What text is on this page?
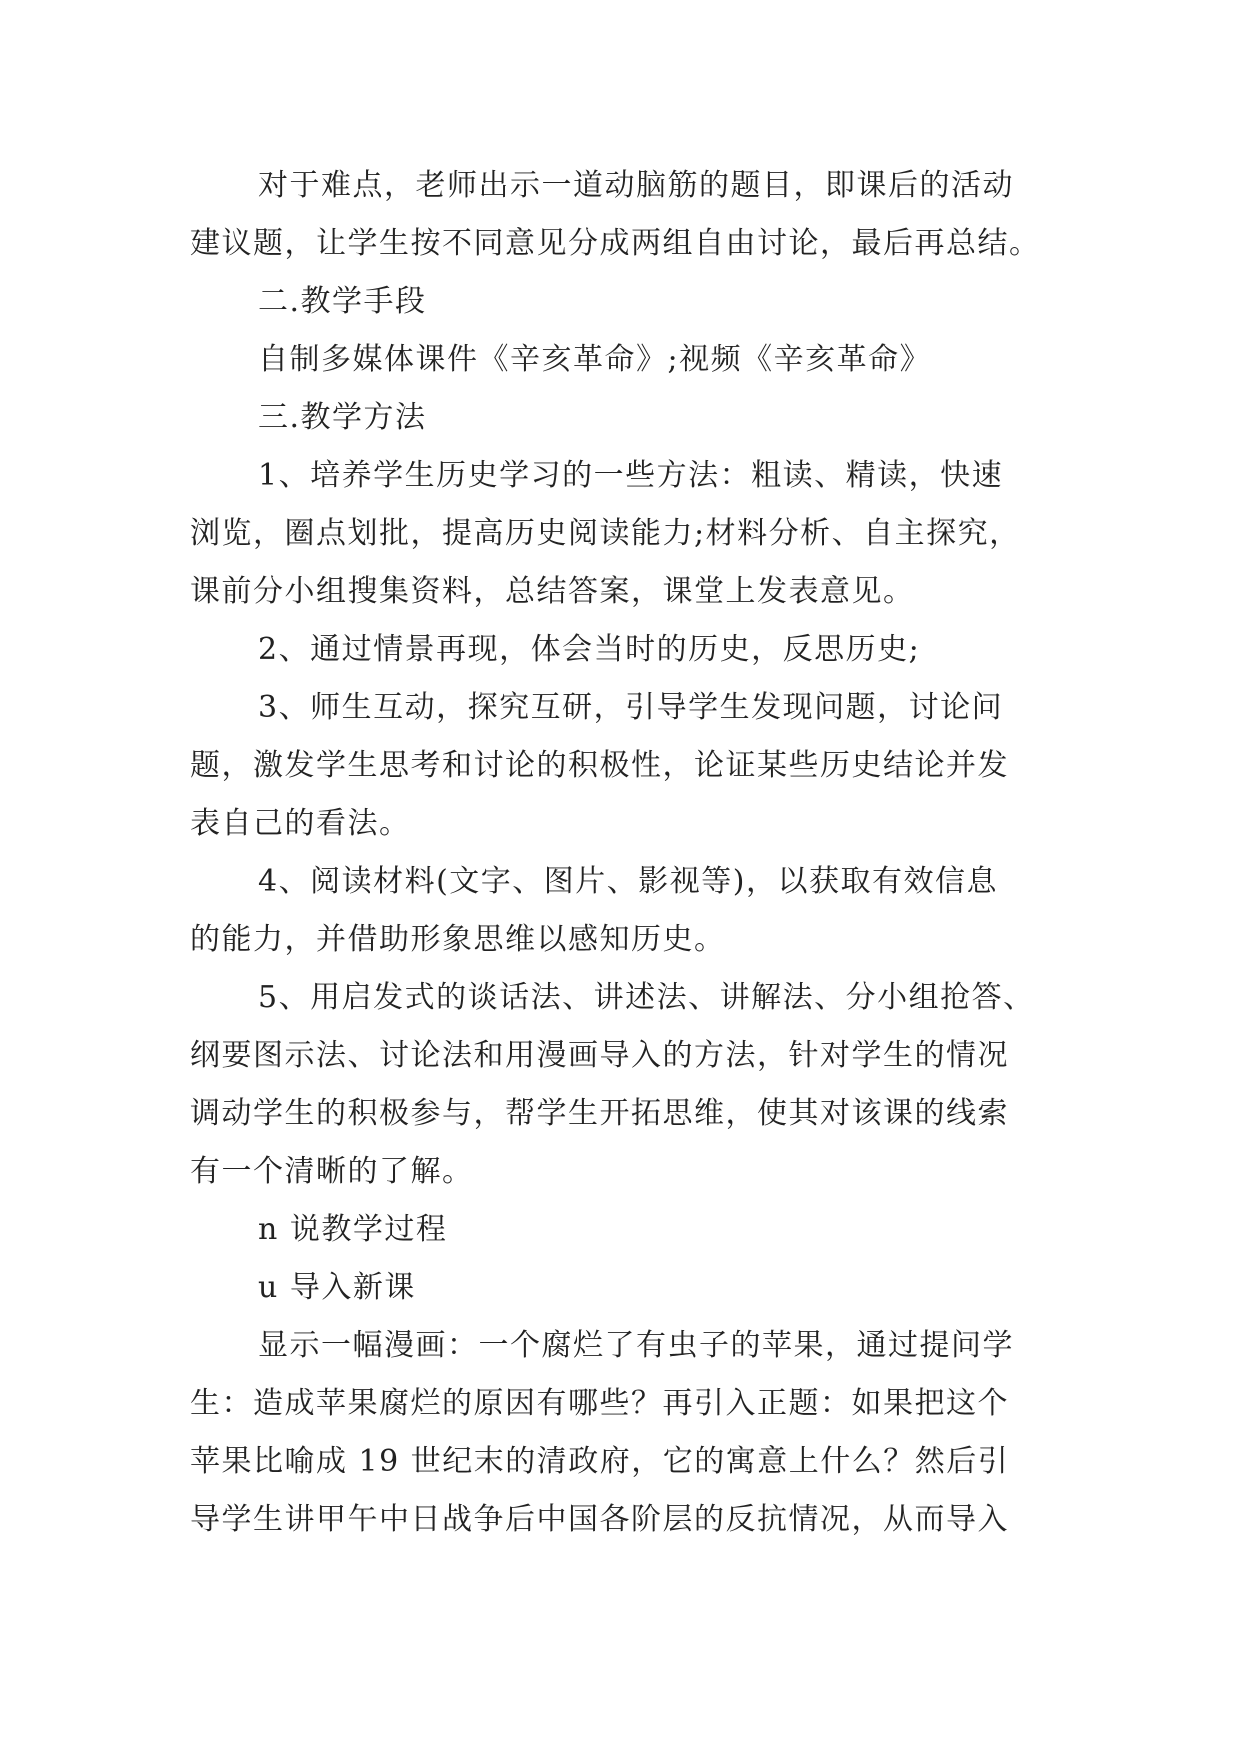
对于难点，老师出示一道动脑筋的题目，即课后的活动
建议题，让学生按不同意见分成两组自由讨论，最后再总结。
二.教学手段
自制多媒体课件《辛亥革命》;视频《辛亥革命》
三.教学方法
1、培养学生历史学习的一些方法：粗读、精读，快速
浏览，圈点划批，提高历史阅读能力;材料分析、自主探究，
课前分小组搜集资料，总结答案，课堂上发表意见。
2、通过情景再现，体会当时的历史，反思历史;
3、师生互动，探究互研，引导学生发现问题，讨论问
题，激发学生思考和讨论的积极性，论证某些历史结论并发
表自己的看法。
4、阅读材料(文字、图片、影视等)，以获取有效信息
的能力，并借助形象思维以感知历史。
5、用启发式的谈话法、讲述法、讲解法、分小组抢答、
纲要图示法、讨论法和用漫画导入的方法，针对学生的情况
调动学生的积极参与，帮学生开拓思维，使其对该课的线索
有一个清晰的了解。
n 说教学过程
u 导入新课
显示一幅漫画：一个腐烂了有虫子的苹果，通过提问学
生：造成苹果腐烂的原因有哪些？再引入正题：如果把这个
苹果比喻成 19 世纪末的清政府，它的寓意上什么？然后引
导学生讲甲午中日战争后中国各阶层的反抗情况，从而导入
